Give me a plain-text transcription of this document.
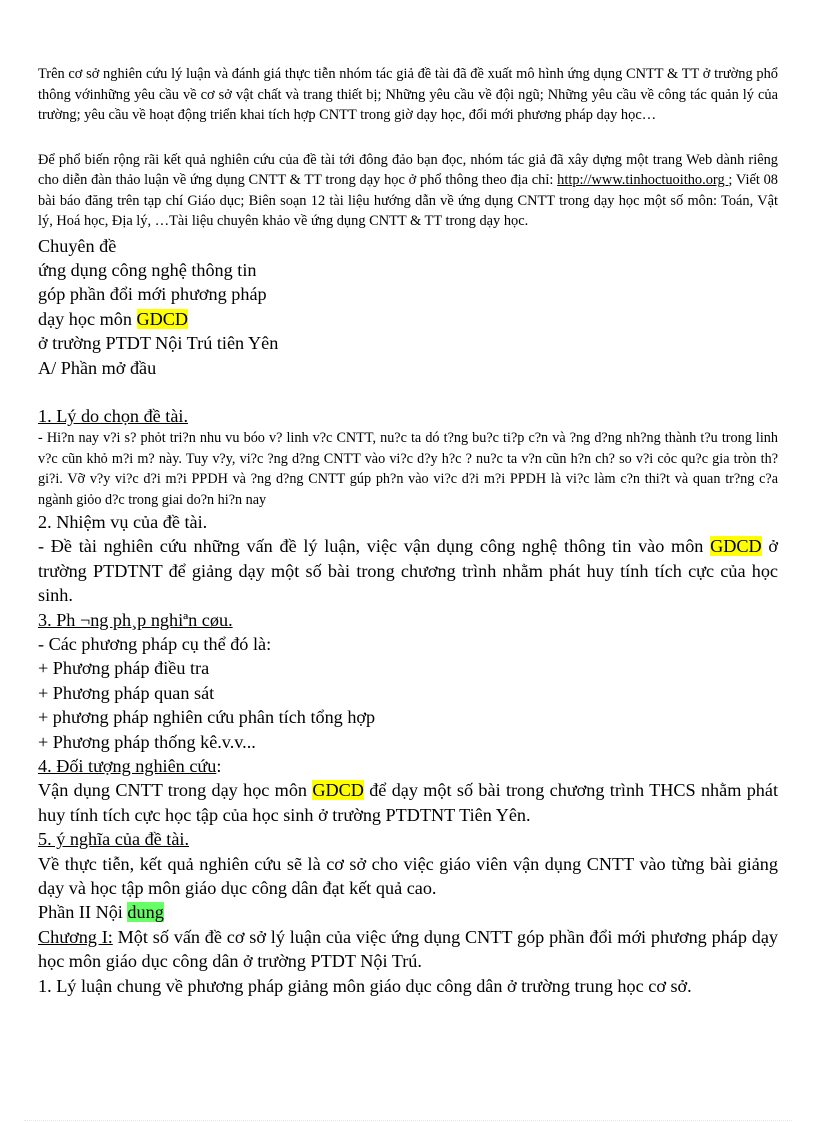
Trên cơ sở nghiên cứu lý luận và đánh giá thực tiễn nhóm tác giả đề tài đã đề xuất mô hình ứng dụng CNTT & TT ở trường phổ thông vớinhững yêu cầu về cơ sở vật chất và trang thiết bị; Những yêu cầu về đội ngũ; Những yêu cầu về công tác quản lý của trường; yêu cầu về hoạt động triển khai tích hợp CNTT trong giờ dạy học, đổi mới phương pháp dạy học…

Để phổ biến rộng rãi kết quả nghiên cứu của đề tài tới đông đảo bạn đọc, nhóm tác giả đã xây dựng một trang Web dành riêng cho diễn đàn thảo luận về ứng dụng CNTT & TT trong dạy học ở phổ thông theo địa chỉ: http://www.tinhoctuoitho.org ; Viết 08 bài báo đăng trên tạp chí Giáo dục; Biên soạn 12 tài liệu hướng dẫn về ứng dụng CNTT trong dạy học một số môn: Toán, Vật lý, Hoá học, Địa lý, …Tài liệu chuyên khảo về ứng dụng CNTT & TT trong dạy học.

Chuyên đề

ứng dụng công nghệ thông tin

góp phần đổi mới phương pháp

dạy học môn GDCD

ở trường PTDT Nội Trú tiên Yên

A/ Phần mở đầu

1. Lý do chọn đề tài.

- Hi?n nay v?i s? phỏt tri?n nhu vu bóo v? linh v?c CNTT, nu?c ta dó t?ng bu?c ti?p c?n và ?ng d?ng nh?ng thành t?u trong linh v?c cũn khỏ m?i m? này. Tuy v?y, vi?c ?ng d?ng CNTT vào vi?c d?y h?c ? nu?c ta v?n cũn h?n ch? so v?i cỏc qu?c gia tròn th? gi?i. Vỡ v?y vi?c d?i m?i PPDH và ?ng d?ng CNTT gúp ph?n vào vi?c d?i m?i PPDH là vi?c làm c?n thi?t và quan tr?ng c?a ngành giỏo d?c trong giai do?n hi?n nay

2. Nhiệm vụ của đề tài.

- Đề tài nghiên cứu những vấn đề lý luận, việc vận dụng công nghệ thông tin vào môn GDCD ở trường PTDTNT để giảng dạy một số bài trong chương trình nhằm phát huy tính tích cực của học sinh.

3. Ph ¬ng ph¸p nghiªn cøu.

- Các phương pháp cụ thể đó là:

+ Phương pháp điều tra

+ Phương pháp quan sát

+ phương pháp nghiên cứu phân tích tổng hợp

+ Phương pháp thống kê.v.v...

4. Đối tượng nghiên cứu:

Vận dụng CNTT trong dạy học môn GDCD để dạy một số bài trong chương trình THCS nhằm phát huy tính tích cực học tập của học sinh ở trường PTDTNT Tiên Yên.

5. ý nghĩa của đề tài.

Về thực tiễn, kết quả nghiên cứu sẽ là cơ sở cho việc giáo viên vận dụng CNTT vào từng bài giảng dạy và học tập môn giáo dục công dân đạt kết quả cao.

Phần II Nội dung

Chương I: Một số vấn đề cơ sở lý luận của việc ứng dụng CNTT góp phần đổi mới phương pháp dạy học môn giáo dục công dân ở trường PTDT Nội Trú.

1. Lý luận chung về phương pháp giảng môn giáo dục công dân ở trường trung học cơ sở.
